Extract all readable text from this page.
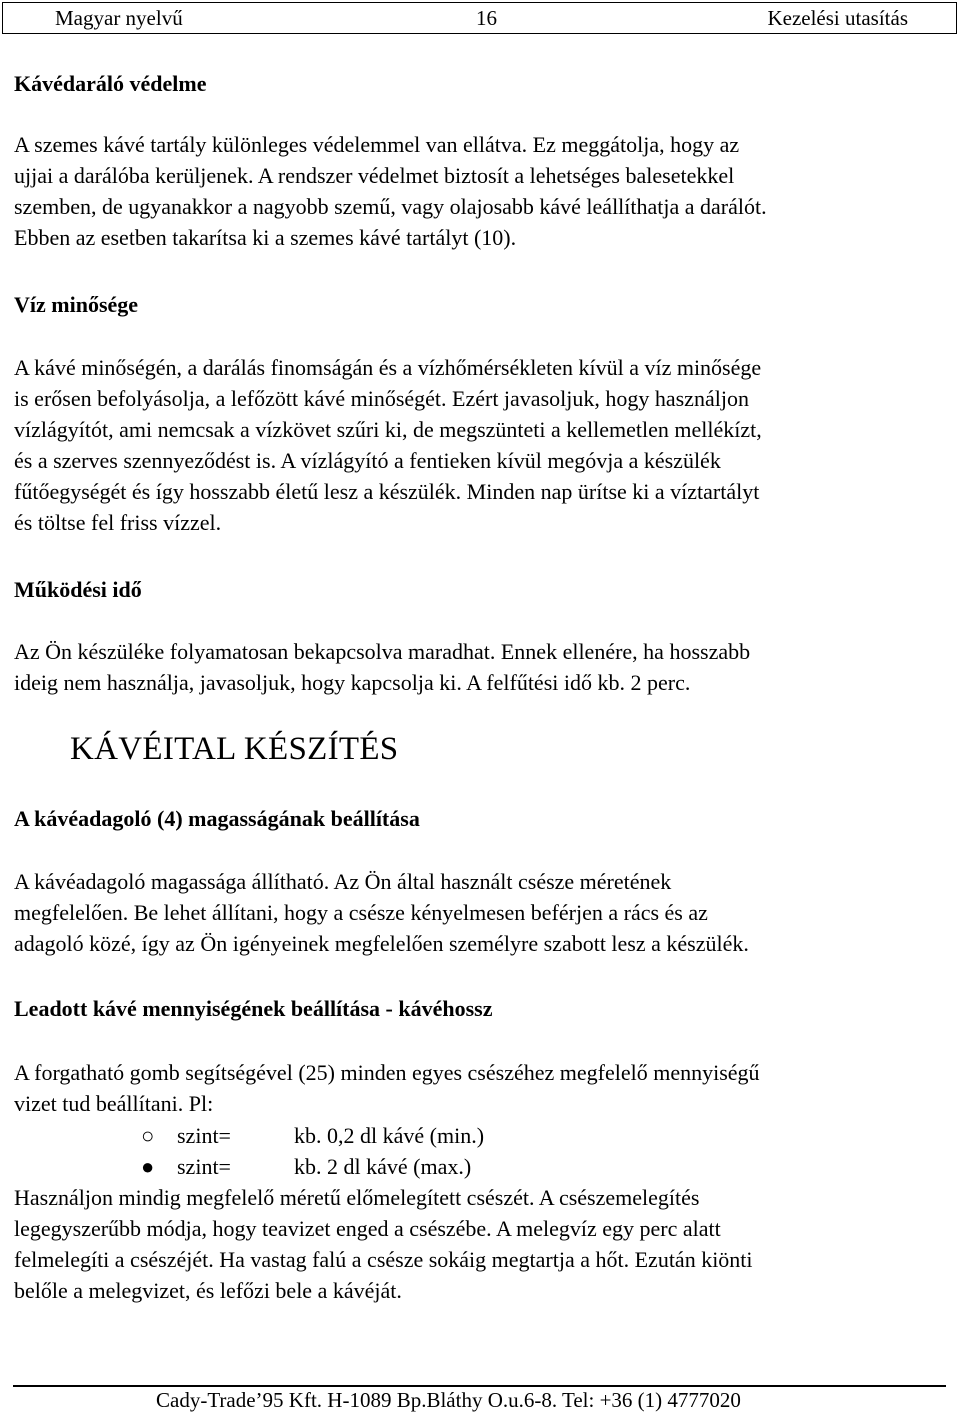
Magyar nyelvű	16	Kezelési utasítás
Kávédaráló védelme
A szemes kávé tartály különleges védelemmel van ellátva. Ez meggátolja, hogy az
ujjai a darálóba kerüljenek. A rendszer védelmet biztosít a lehetséges balesetekkel
szemben, de ugyanakkor a nagyobb szemű, vagy olajosabb kávé leállíthatja a darálót.
Ebben az esetben takarítsa ki a szemes kávé tartályt (10).
Víz minősége
A kávé minőségén, a darálás finomságán és a vízhőmérsékleten kívül a víz minősége
is erősen befolyásolja, a lefőzött kávé minőségét. Ezért javasoljuk, hogy használjon
vízlágyítót, ami nemcsak a vízkövet szűri ki, de megszünteti a kellemetlen mellékízt,
és a szerves szennyeződést is. A vízlágyító a fentieken kívül megóvja a készülék
fűtőegységét és így hosszabb életű lesz a készülék. Minden nap ürítse ki a víztartályt
és töltse fel friss vízzel.
Működési idő
Az Ön készüléke folyamatosan bekapcsolva maradhat. Ennek ellenére, ha hosszabb
ideig nem használja, javasoljuk, hogy kapcsolja ki. A felfűtési idő kb. 2 perc.
KÁVÉITAL KÉSZÍTÉS
A kávéadagoló (4) magasságának beállítása
A kávéadagoló magassága állítható. Az Ön által használt csésze méretének
megfelelően. Be lehet állítani, hogy a csésze kényelmesen beférjen a rács és az
adagoló közé, így az Ön igényeinek megfelelően személyre szabott lesz a készülék.
Leadott kávé mennyiségének beállítása - kávéhossz
A forgatható gomb segítségével (25) minden egyes csészéhez megfelelő mennyiségű
vizet tud beállítani. Pl:
○	szint=	kb. 0,2 dl kávé (min.)
●	szint=	kb. 2 dl kávé (max.)
Használjon mindig megfelelő méretű előmelegített csészét. A csészemelegítés
legegyszerűbb módja, hogy teavizet enged a csészébe. A melegvíz egy perc alatt
felmelegíti a csészéjét. Ha vastag falú a csésze sokáig megtartja a hőt. Ezután kiönti
belőle a melegvizet, és lefőzi bele a kávéját.
Cady-Trade’95 Kft. H-1089 Bp.Bláthy O.u.6-8. Tel: +36 (1) 4777020
